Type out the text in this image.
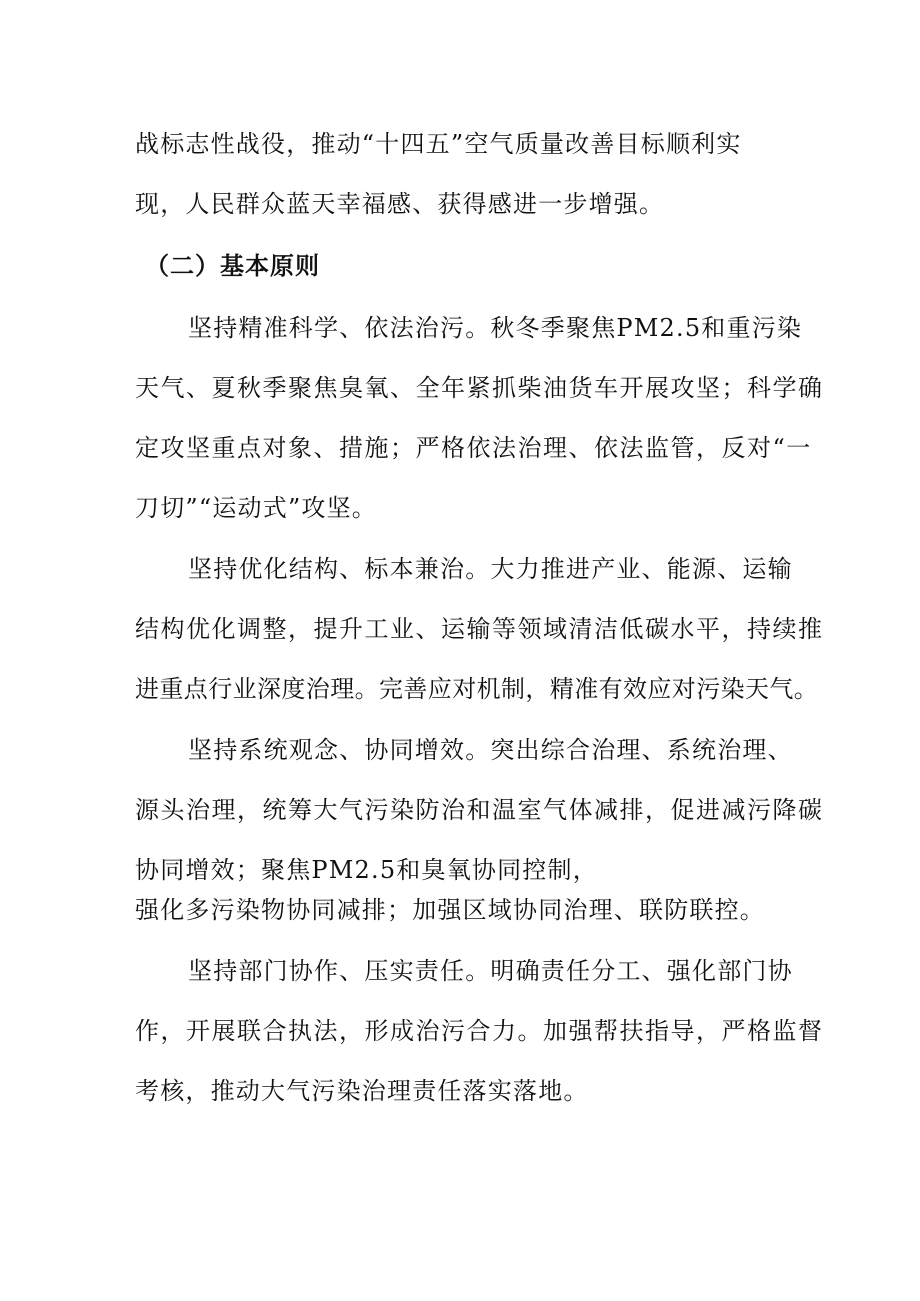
战标志性战役，推动“十四五”空气质量改善目标顺利实
现，人民群众蓝天幸福感、获得感进一步增强。
（二）基本原则
坚持精准科学、依法治污。秋冬季聚焦PM2.5和重污染
天气、夏秋季聚焦臭氧、全年紧抓柴油货车开展攻坚；科学确
定攻坚重点对象、措施；严格依法治理、依法监管，反对“一
刀切”“运动式”攻坚。
坚持优化结构、标本兼治。大力推进产业、能源、运输
结构优化调整，提升工业、运输等领域清洁低碳水平，持续推
进重点行业深度治理。完善应对机制，精准有效应对污染天气。
坚持系统观念、协同增效。突出综合治理、系统治理、
源头治理，统筹大气污染防治和温室气体减排，促进减污降碳
协同增效；聚焦PM2.5和臭氧协同控制，
强化多污染物协同减排；加强区域协同治理、联防联控。
坚持部门协作、压实责任。明确责任分工、强化部门协
作，开展联合执法，形成治污合力。加强帮扶指导，严格监督
考核，推动大气污染治理责任落实落地。
